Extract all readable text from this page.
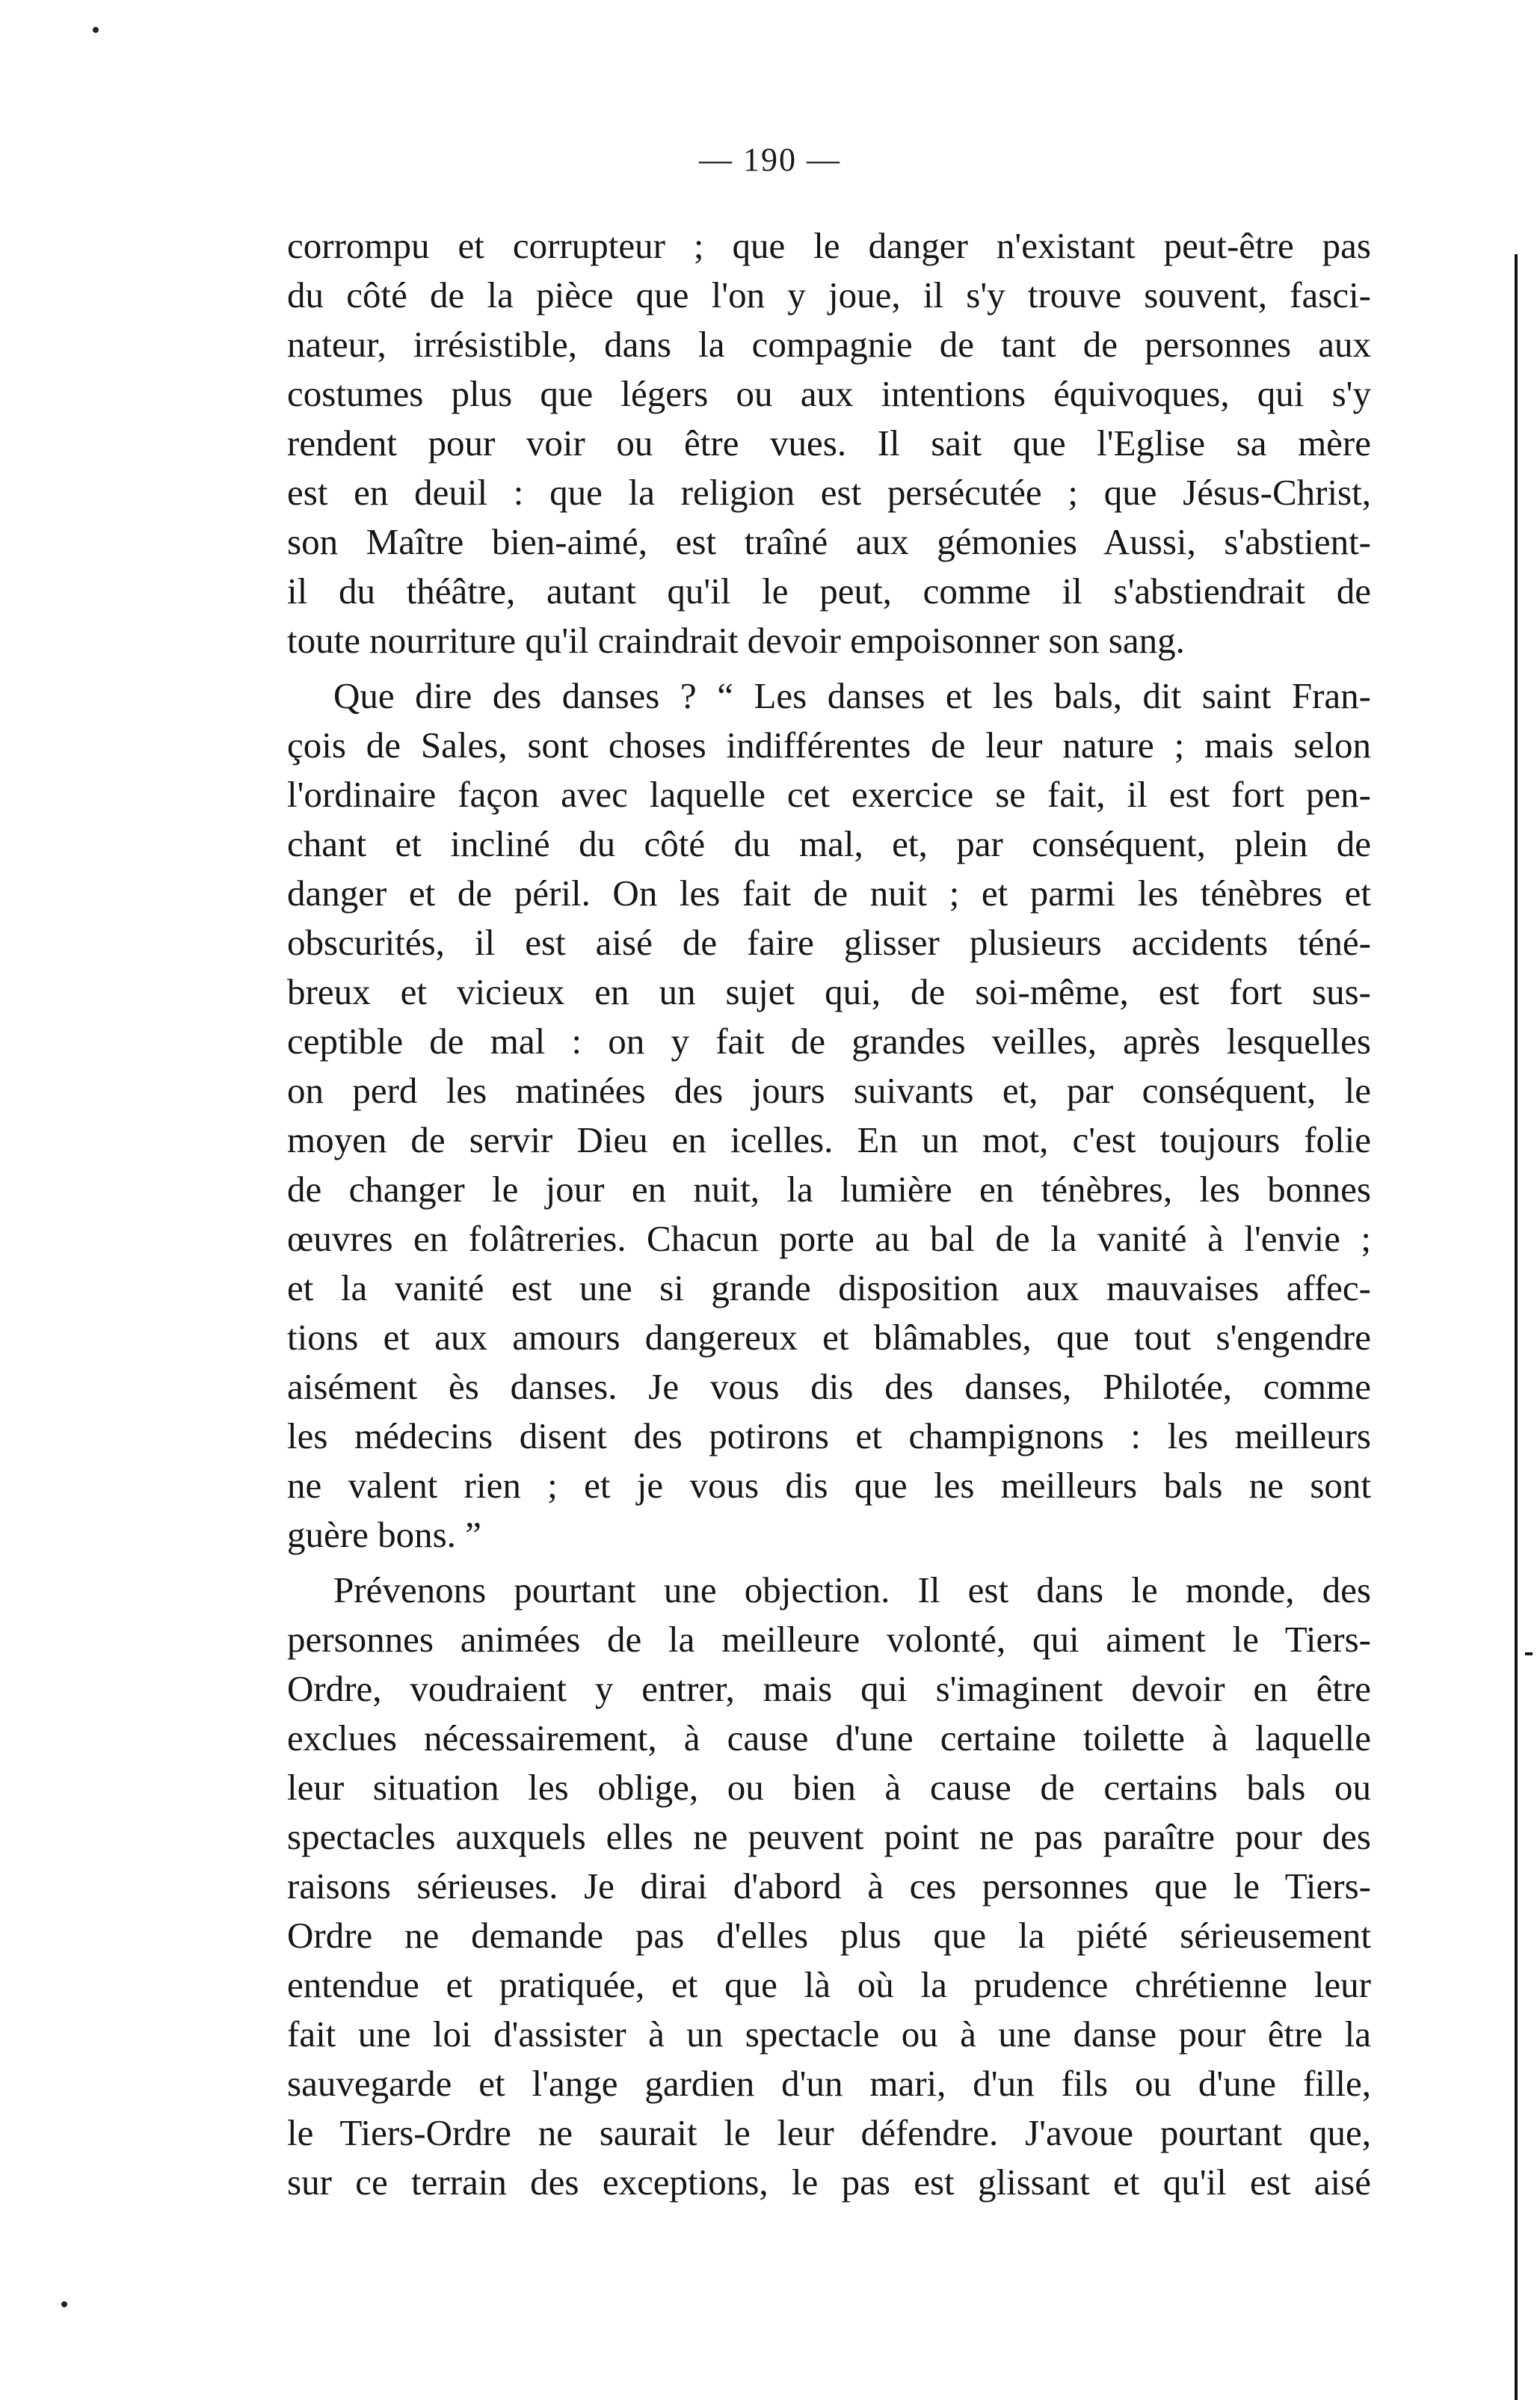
— 190 —
corrompu et corrupteur ; que le danger n'existant peut-être pas
du côté de la pièce que l'on y joue, il s'y trouve souvent, fasci-
nateur, irrésistible, dans la compagnie de tant de personnes aux
costumes plus que légers ou aux intentions équivoques, qui s'y
rendent pour voir ou être vues. Il sait que l'Eglise sa mère
est en deuil : que la religion est persécutée ; que Jésus-Christ,
son Maître bien-aimé, est traîné aux gémonies Aussi, s'abstient-
il du théâtre, autant qu'il le peut, comme il s'abstiendrait de
toute nourriture qu'il craindrait devoir empoisonner son sang.
Que dire des danses ? “ Les danses et les bals, dit saint Fran-
çois de Sales, sont choses indifférentes de leur nature ; mais selon
l'ordinaire façon avec laquelle cet exercice se fait, il est fort pen-
chant et incliné du côté du mal, et, par conséquent, plein de
danger et de péril. On les fait de nuit ; et parmi les ténèbres et
obscurités, il est aisé de faire glisser plusieurs accidents téné-
breux et vicieux en un sujet qui, de soi-même, est fort sus-
ceptible de mal : on y fait de grandes veilles, après lesquelles
on perd les matinées des jours suivants et, par conséquent, le
moyen de servir Dieu en icelles. En un mot, c'est toujours folie
de changer le jour en nuit, la lumière en ténèbres, les bonnes
œuvres en folâtreries. Chacun porte au bal de la vanité à l'envie ;
et la vanité est une si grande disposition aux mauvaises affec-
tions et aux amours dangereux et blâmables, que tout s'engendre
aisément ès danses. Je vous dis des danses, Philotée, comme
les médecins disent des potirons et champignons : les meilleurs
ne valent rien ; et je vous dis que les meilleurs bals ne sont
guère bons. ”
Prévenons pourtant une objection. Il est dans le monde, des
personnes animées de la meilleure volonté, qui aiment le Tiers-
Ordre, voudraient y entrer, mais qui s'imaginent devoir en être
exclues nécessairement, à cause d'une certaine toilette à laquelle
leur situation les oblige, ou bien à cause de certains bals ou
spectacles auxquels elles ne peuvent point ne pas paraître pour des
raisons sérieuses. Je dirai d'abord à ces personnes que le Tiers-
Ordre ne demande pas d'elles plus que la piété sérieusement
entendue et pratiquée, et que là où la prudence chrétienne leur
fait une loi d'assister à un spectacle ou à une danse pour être la
sauvegarde et l'ange gardien d'un mari, d'un fils ou d'une fille,
le Tiers-Ordre ne saurait le leur défendre. J'avoue pourtant que,
sur ce terrain des exceptions, le pas est glissant et qu'il est aisé
